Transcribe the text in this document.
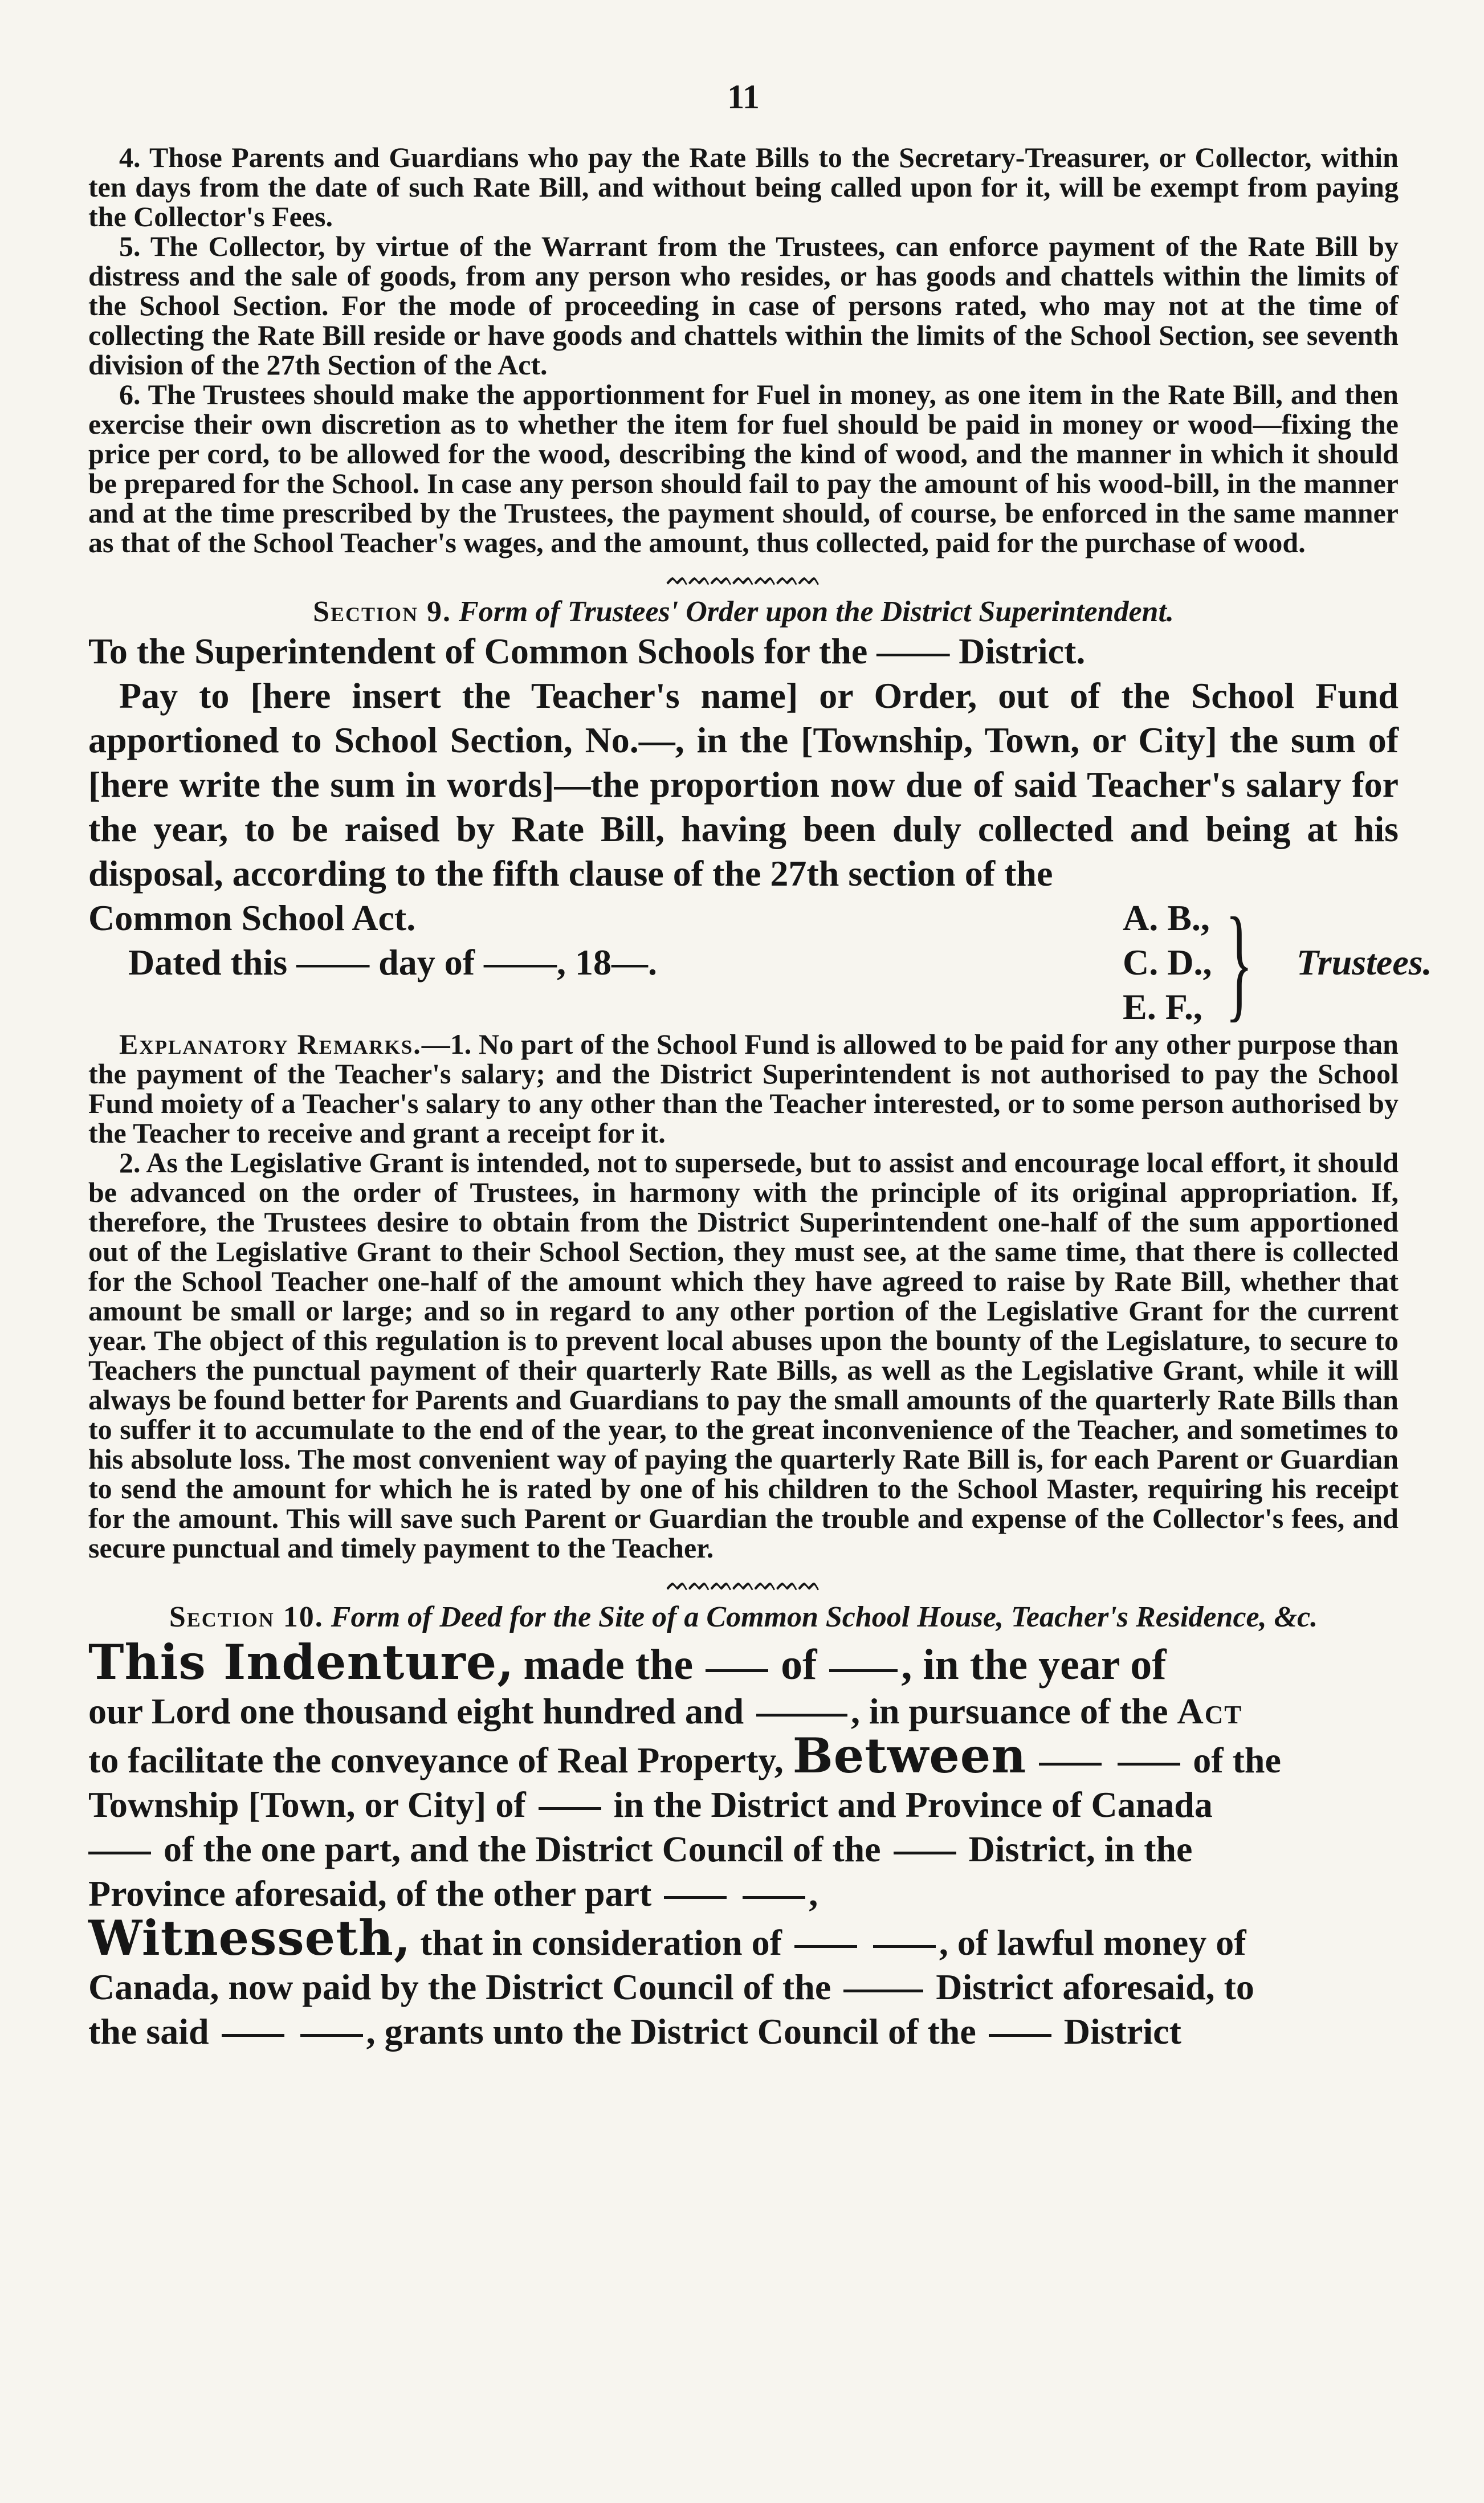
11

4. Those Parents and Guardians who pay the Rate Bills to the Secretary-Treasurer, or Collector, within ten days from the date of such Rate Bill, and without being called upon for it, will be exempt from paying the Collector's Fees.

5. The Collector, by virtue of the Warrant from the Trustees, can enforce payment of the Rate Bill by distress and the sale of goods, from any person who resides, or has goods and chattels within the limits of the School Section. For the mode of proceeding in case of persons rated, who may not at the time of collecting the Rate Bill reside or have goods and chattels within the limits of the School Section, see seventh division of the 27th Section of the Act.

6. The Trustees should make the apportionment for Fuel in money, as one item in the Rate Bill, and then exercise their own discretion as to whether the item for fuel should be paid in money or wood—fixing the price per cord, to be allowed for the wood, describing the kind of wood, and the manner in which it should be prepared for the School. In case any person should fail to pay the amount of his wood-bill, in the manner and at the time prescribed by the Trustees, the payment should, of course, be enforced in the same manner as that of the School Teacher's wages, and the amount, thus collected, paid for the purchase of wood.

ᨓᨓᨓᨓᨓᨓᨓ
Section 9. Form of Trustees' Order upon the District Superintendent.

To the Superintendent of Common Schools for the ―― District.

Pay to [here insert the Teacher's name] or Order, out of the School Fund apportioned to School Section, No.—, in the [Township, Town, or City] the sum of [here write the sum in words]—the proportion now due of said Teacher's salary for the year, to be raised by Rate Bill, having been duly collected and being at his disposal, according to the fifth clause of the 27th section of the

Common School Act.
Dated this ―― day of ――, 18—.
A. B.,
C. D.,
E. F., } Trustees.

Explanatory Remarks.—1. No part of the School Fund is allowed to be paid for any other purpose than the payment of the Teacher's salary; and the District Superintendent is not authorised to pay the School Fund moiety of a Teacher's salary to any other than the Teacher interested, or to some person authorised by the Teacher to receive and grant a receipt for it.

2. As the Legislative Grant is intended, not to supersede, but to assist and encourage local effort, it should be advanced on the order of Trustees, in harmony with the principle of its original appropriation. If, therefore, the Trustees desire to obtain from the District Superintendent one-half of the sum apportioned out of the Legislative Grant to their School Section, they must see, at the same time, that there is collected for the School Teacher one-half of the amount which they have agreed to raise by Rate Bill, whether that amount be small or large; and so in regard to any other portion of the Legislative Grant for the current year. The object of this regulation is to prevent local abuses upon the bounty of the Legislature, to secure to Teachers the punctual payment of their quarterly Rate Bills, as well as the Legislative Grant, while it will always be found better for Parents and Guardians to pay the small amounts of the quarterly Rate Bills than to suffer it to accumulate to the end of the year, to the great inconvenience of the Teacher, and sometimes to his absolute loss. The most convenient way of paying the quarterly Rate Bill is, for each Parent or Guardian to send the amount for which he is rated by one of his children to the School Master, requiring his receipt for the amount. This will save such Parent or Guardian the trouble and expense of the Collector's fees, and secure punctual and timely payment to the Teacher.

ᨓᨓᨓᨓᨓᨓᨓ
Section 10. Form of Deed for the Site of a Common School House, Teacher's Residence, &c.
This Indenture, made the of , in the year of
our Lord one thousand eight hundred and	, in pursuance of the Act
to facilitate the conveyance of Real Property, Between	of the
Township [Town, or City] of in the District and Province of Canada
of the one part, and the District Council of the District, in the
Province aforesaid, of the other part	,
Witnesseth, that in consideration of	, of lawful money of
Canada, now paid by the District Council of the	District aforesaid, to
the said	, grants unto the District Council of the District
